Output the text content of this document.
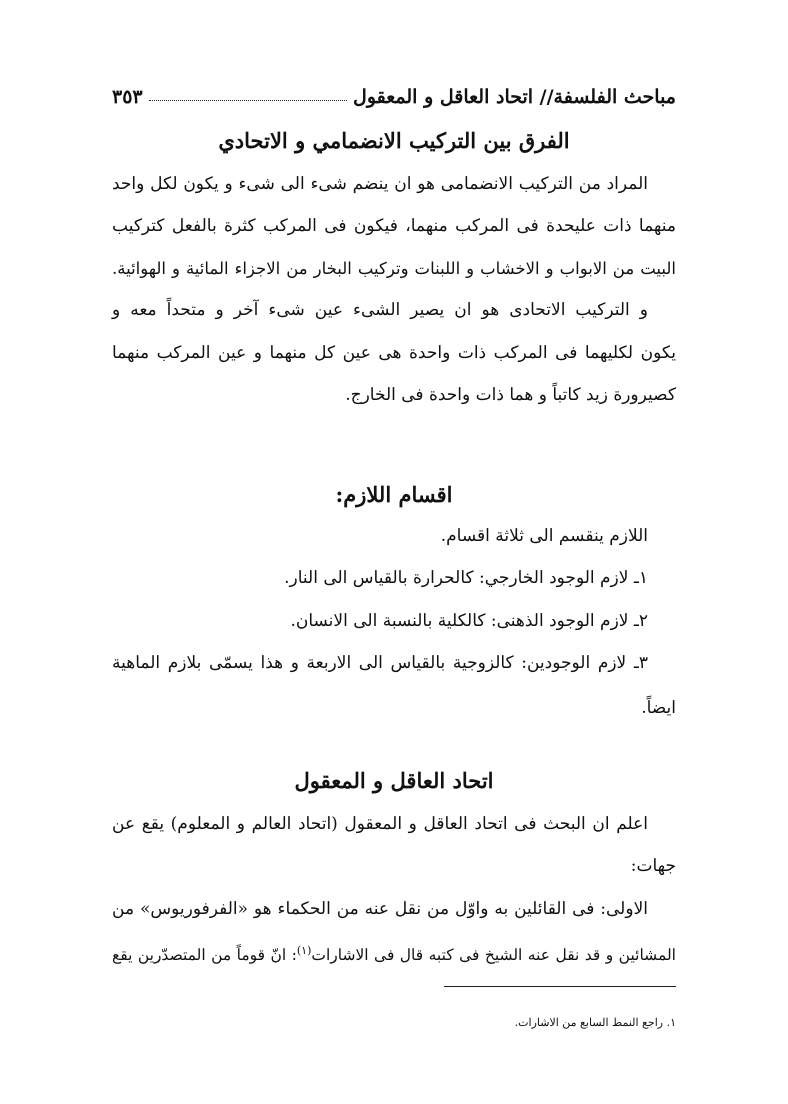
مباحث الفلسفة// اتحاد العاقل و المعقول
٣٥٣
الفرق بين التركيب الانضمامي و الاتحادي
المراد من التركيب الانضمامی هو ان ینضم شیء الی شیء و یکون لکل واحد
منهما ذات علیحدة فی المرکب منهما، فیکون فی المرکب کثرة بالفعل کترکیب
البیت من الابواب و الاخشاب و اللبنات وترکیب البخار من الاجزاء المائیة و الهوائیة.
و الترکیب الاتحادی هو ان یصیر الشیء عین شیء آخر و متحداً معه و
یکون لکلیهما فی المرکب ذات واحدة هی عین کل منهما و عین المرکب منهما
کصیرورة زید کاتباً و هما ذات واحدة فی الخارج.
اقسام اللازم:
اللازم ينقسم الى ثلاثة اقسام.
١ـ لازم الوجود الخارجي: کالحرارة بالقیاس الی النار.
٢ـ لازم الوجود الذهنی: کالکلیة بالنسبة الی الانسان.
٣ـ لازم الوجودین: کالزوجیة بالقیاس الی الاربعة و هذا یسمّی بلازم الماهیة
ایضاً.
اتحاد العاقل و المعقول
اعلم ان البحث فی اتحاد العاقل و المعقول (اتحاد العالم و المعلوم) یقع عن
جهات:
الاولی: فی القائلین به واوّل من نقل عنه من الحکماء هو «الفرفوریوس» من
المشائین و قد نقل عنه الشیخ فی کتبه قال فی الاشارات$^{(١)}$: انّ قوماً من المتصدّرین یقع
١. راجع النمط السابع من الاشارات.
